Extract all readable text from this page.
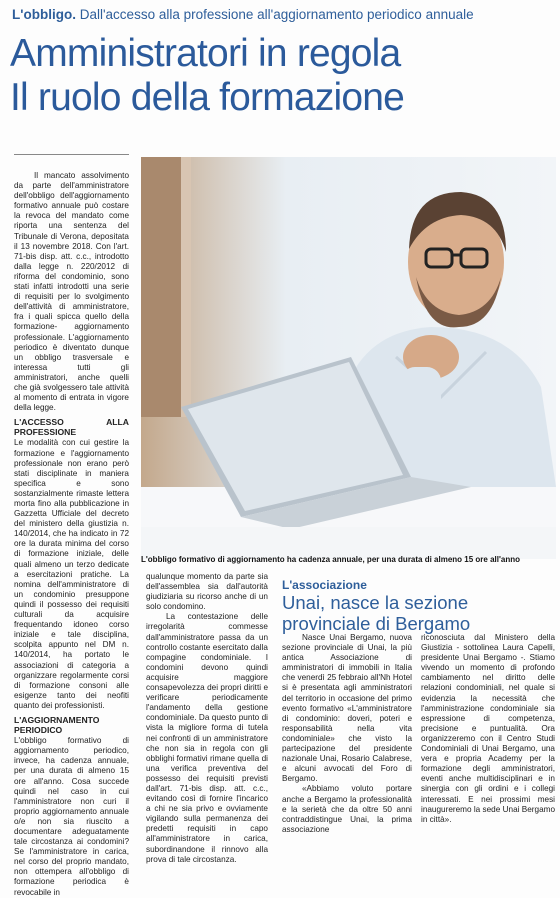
L'obbligo. Dall'accesso alla professione all'aggiornamento periodico annuale
Amministratori in regola
Il ruolo della formazione

Il mancato assolvimento da parte dell'amministratore dell'obbligo dell'aggiornamento formativo annuale può costare la revoca del mandato come riporta una sentenza del Tribunale di Verona, depositata il 13 novembre 2018. Con l'art. 71-bis disp. att. c.c., introdotto dalla legge n. 220/2012 di riforma del condominio, sono stati infatti introdotti una serie di requisiti per lo svolgimento dell'attività di amministratore, fra i quali spicca quello della formazione- aggiornamento professionale. L'aggiornamento periodico è diventato dunque un obbligo trasversale e interessa tutti gli amministratori, anche quelli che già svolgessero tale attività al momento di entrata in vigore della legge.

L'ACCESSO ALLA PROFESSIONE

Le modalità con cui gestire la formazione e l'aggiornamento professionale non erano però stati disciplinate in maniera specifica e sono sostanzialmente rimaste lettera morta fino alla pubblicazione in Gazzetta Ufficiale del decreto del ministero della giustizia n. 140/2014, che ha indicato in 72 ore la durata minima del corso di formazione iniziale, delle quali almeno un terzo dedicate a esercitazioni pratiche. La nomina dell'amministratore di un condominio presuppone quindi il possesso dei requisiti culturali da acquisire frequentando idoneo corso iniziale e tale disciplina, scolpita appunto nel DM n. 140/2014, ha portato le associazioni di categoria a organizzare regolarmente corsi di formazione consoni alle esigenze tanto dei neofiti quanto dei professionisti.

L'AGGIORNAMENTO PERIODICO

L'obbligo formativo di aggiornamento periodico, invece, ha cadenza annuale, per una durata di almeno 15 ore all'anno. Cosa succede quindi nel caso in cui l'amministratore non curi il proprio aggiornamento annuale o/e non sia riuscito a documentare adeguatamente tale circostanza ai condomini? Se l'amministratore in carica, nel corso del proprio mandato, non ottempera all'obbligo di formazione periodica è revocabile in

L'obbligo formativo di aggiornamento ha cadenza annuale, per una durata di almeno 15 ore all'anno

qualunque momento da parte sia dell'assemblea sia dall'autorità giudiziaria su ricorso anche di un solo condomino.

La contestazione delle irregolarità commesse dall'amministratore passa da un controllo costante esercitato dalla compagine condominiale. I condomini devono quindi acquisire maggiore consapevolezza dei propri diritti e verificare periodicamente l'andamento della gestione condominiale. Da questo punto di vista la migliore forma di tutela nei confronti di un amministratore che non sia in regola con gli obblighi formativi rimane quella di una verifica preventiva del possesso dei requisiti previsti dall'art. 71-bis disp. att. c.c., evitando così di fornire l'incarico a chi ne sia privo e ovviamente vigilando sulla permanenza dei predetti requisiti in capo all'amministratore in carica, subordinandone il rinnovo alla prova di tale circostanza.

L'associazione
Unai, nasce la sezione provinciale di Bergamo

Nasce Unai Bergamo, nuova sezione provinciale di Unai, la più antica Associazione di amministratori di immobili in Italia che venerdì 25 febbraio all'Nh Hotel si è presentata agli amministratori del territorio in occasione del primo evento formativo «L'amministratore di condominio: doveri, poteri e responsabilità nella vita condominiale» che visto la partecipazione del presidente nazionale Unai, Rosario Calabrese, e alcuni avvocati del Foro di Bergamo.

«Abbiamo voluto portare anche a Bergamo la professionalità e la serietà che da oltre 50 anni contraddistingue Unai, la prima associazione

riconosciuta dal Ministero della Giustizia - sottolinea Laura Capelli, presidente Unai Bergamo -. Stiamo vivendo un momento di profondo cambiamento nel diritto delle relazioni condominiali, nel quale si evidenzia la necessità che l'amministrazione condominiale sia espressione di competenza, precisione e puntualità. Ora organizzeremo con il Centro Studi Condominiali di Unai Bergamo, una vera e propria Academy per la formazione degli amministratori, eventi anche multidisciplinari e in sinergia con gli ordini e i collegi interessati. E nei prossimi mesi inaugureremo la sede Unai Bergamo in città».
